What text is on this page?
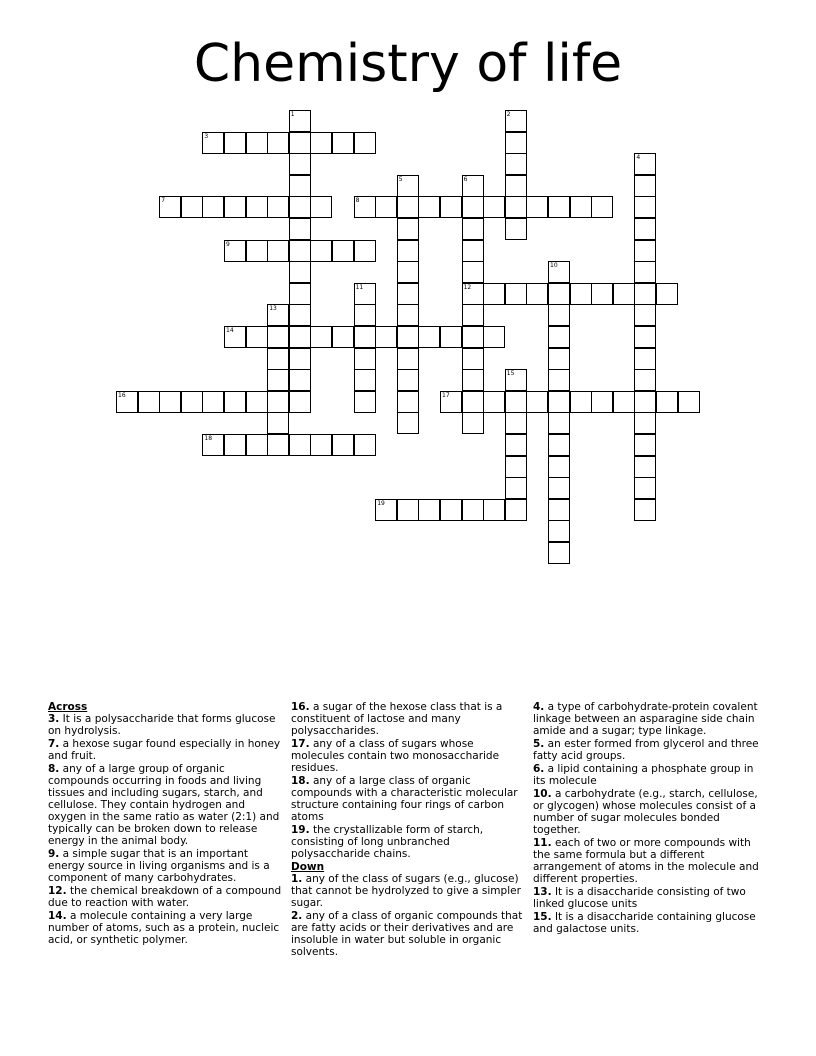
Chemistry of life
1	2
3
4
5	6
7	8
9
10
11	12
13
14
15
16	17
18
19

Across

3. It is a polysaccharide that forms glucose on hydrolysis.

7. a hexose sugar found especially in honey and fruit.

8. any of a large group of organic compounds occurring in foods and living tissues and including sugars, starch, and cellulose. They contain hydrogen and oxygen in the same ratio as water (2:1) and typically can be broken down to release energy in the animal body.

9. a simple sugar that is an important energy source in living organisms and is a component of many carbohydrates.

12. the chemical breakdown of a compound due to reaction with water.

14. a molecule containing a very large number of atoms, such as a protein, nucleic acid, or synthetic polymer.

16. a sugar of the hexose class that is a constituent of lactose and many polysaccharides.

17. any of a class of sugars whose molecules contain two monosaccharide residues.

18. any of a large class of organic compounds with a characteristic molecular structure containing four rings of carbon atoms

19. the crystallizable form of starch, consisting of long unbranched polysaccharide chains.

Down

1. any of the class of sugars (e.g., glucose) that cannot be hydrolyzed to give a simpler sugar.

2. any of a class of organic compounds that are fatty acids or their derivatives and are insoluble in water but soluble in organic solvents.

4. a type of carbohydrate-protein covalent linkage between an asparagine side chain amide and a sugar; type linkage.

5. an ester formed from glycerol and three fatty acid groups.

6. a lipid containing a phosphate group in its molecule

10. a carbohydrate (e.g., starch, cellulose, or glycogen) whose molecules consist of a number of sugar molecules bonded together.

11. each of two or more compounds with the same formula but a different arrangement of atoms in the molecule and different properties.

13. It is a disaccharide consisting of two linked glucose units

15. It is a disaccharide containing glucose and galactose units.
